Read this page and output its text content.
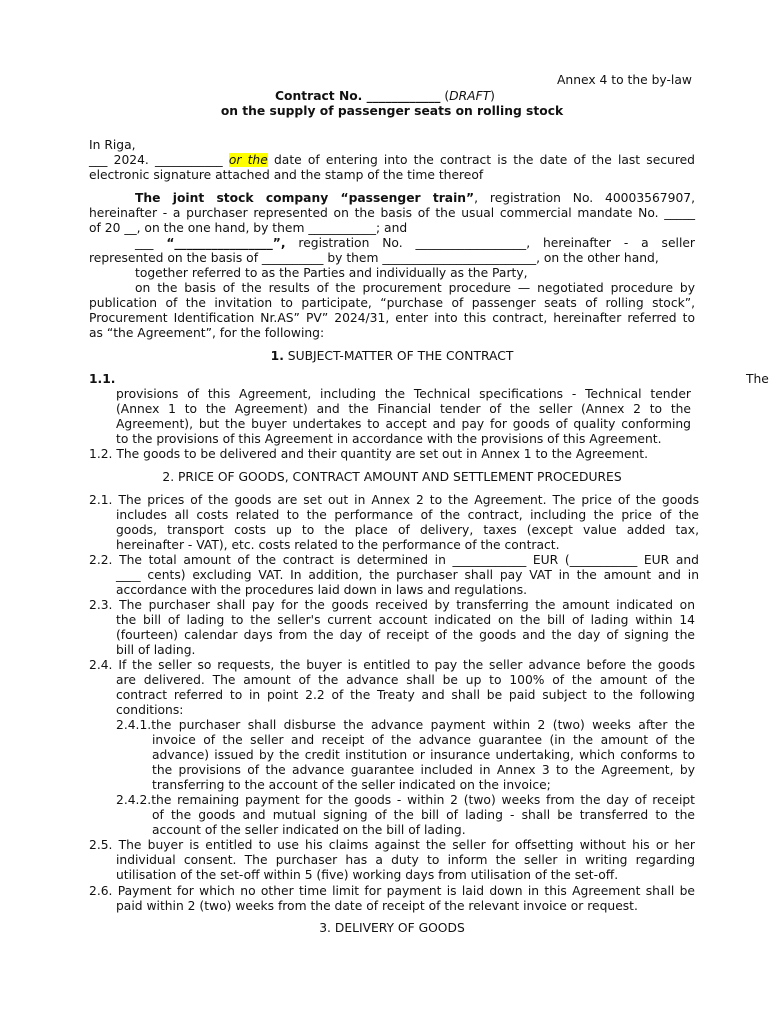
Annex 4 to the by-law
Contract No. ____________ (DRAFT)
on the supply of passenger seats on rolling stock
In Riga,
___ 2024. ___________ or the date of entering into the contract is the date of the last secured
electronic signature attached and the stamp of the time thereof
The joint stock company “passenger train”, registration No. 40003567907,
hereinafter - a purchaser represented on the basis of the usual commercial mandate No. _____
of 20 __, on the one hand, by them ___________; and
___ “________________”, registration No. __________________, hereinafter - a seller
represented on the basis of __________ by them _________________________, on the other hand,
together referred to as the Parties and individually as the Party,
on the basis of the results of the procurement procedure — negotiated procedure by
publication of the invitation to participate, “purchase of passenger seats of rolling stock”,
Procurement Identification Nr.AS” PV” 2024/31, enter into this contract, hereinafter referred to
as “the Agreement”, for the following:
1. SUBJECT-MATTER OF THE CONTRACT
1.1.	The
provisions of this Agreement, including the Technical specifications - Technical tender
(Annex 1 to the Agreement) and the Financial tender of the seller (Annex 2 to the
Agreement), but the buyer undertakes to accept and pay for goods of quality conforming
to the provisions of this Agreement in accordance with the provisions of this Agreement.
1.2. The goods to be delivered and their quantity are set out in Annex 1 to the Agreement.
2. PRICE OF GOODS, CONTRACT AMOUNT AND SETTLEMENT PROCEDURES
2.1. The prices of the goods are set out in Annex 2 to the Agreement. The price of the goods
includes all costs related to the performance of the contract, including the price of the
goods, transport costs up to the place of delivery, taxes (except value added tax,
hereinafter - VAT), etc. costs related to the performance of the contract.
2.2. The total amount of the contract is determined in ____________ EUR (___________ EUR and
____ cents) excluding VAT. In addition, the purchaser shall pay VAT in the amount and in
accordance with the procedures laid down in laws and regulations.
2.3. The purchaser shall pay for the goods received by transferring the amount indicated on
the bill of lading to the seller's current account indicated on the bill of lading within 14
(fourteen) calendar days from the day of receipt of the goods and the day of signing the
bill of lading.
2.4. If the seller so requests, the buyer is entitled to pay the seller advance before the goods
are delivered. The amount of the advance shall be up to 100% of the amount of the
contract referred to in point 2.2 of the Treaty and shall be paid subject to the following
conditions:
2.4.1.the purchaser shall disburse the advance payment within 2 (two) weeks after the
invoice of the seller and receipt of the advance guarantee (in the amount of the
advance) issued by the credit institution or insurance undertaking, which conforms to
the provisions of the advance guarantee included in Annex 3 to the Agreement, by
transferring to the account of the seller indicated on the invoice;
2.4.2.the remaining payment for the goods - within 2 (two) weeks from the day of receipt
of the goods and mutual signing of the bill of lading - shall be transferred to the
account of the seller indicated on the bill of lading.
2.5. The buyer is entitled to use his claims against the seller for offsetting without his or her
individual consent. The purchaser has a duty to inform the seller in writing regarding
utilisation of the set-off within 5 (five) working days from utilisation of the set-off.
2.6. Payment for which no other time limit for payment is laid down in this Agreement shall be
paid within 2 (two) weeks from the date of receipt of the relevant invoice or request.
3. DELIVERY OF GOODS
